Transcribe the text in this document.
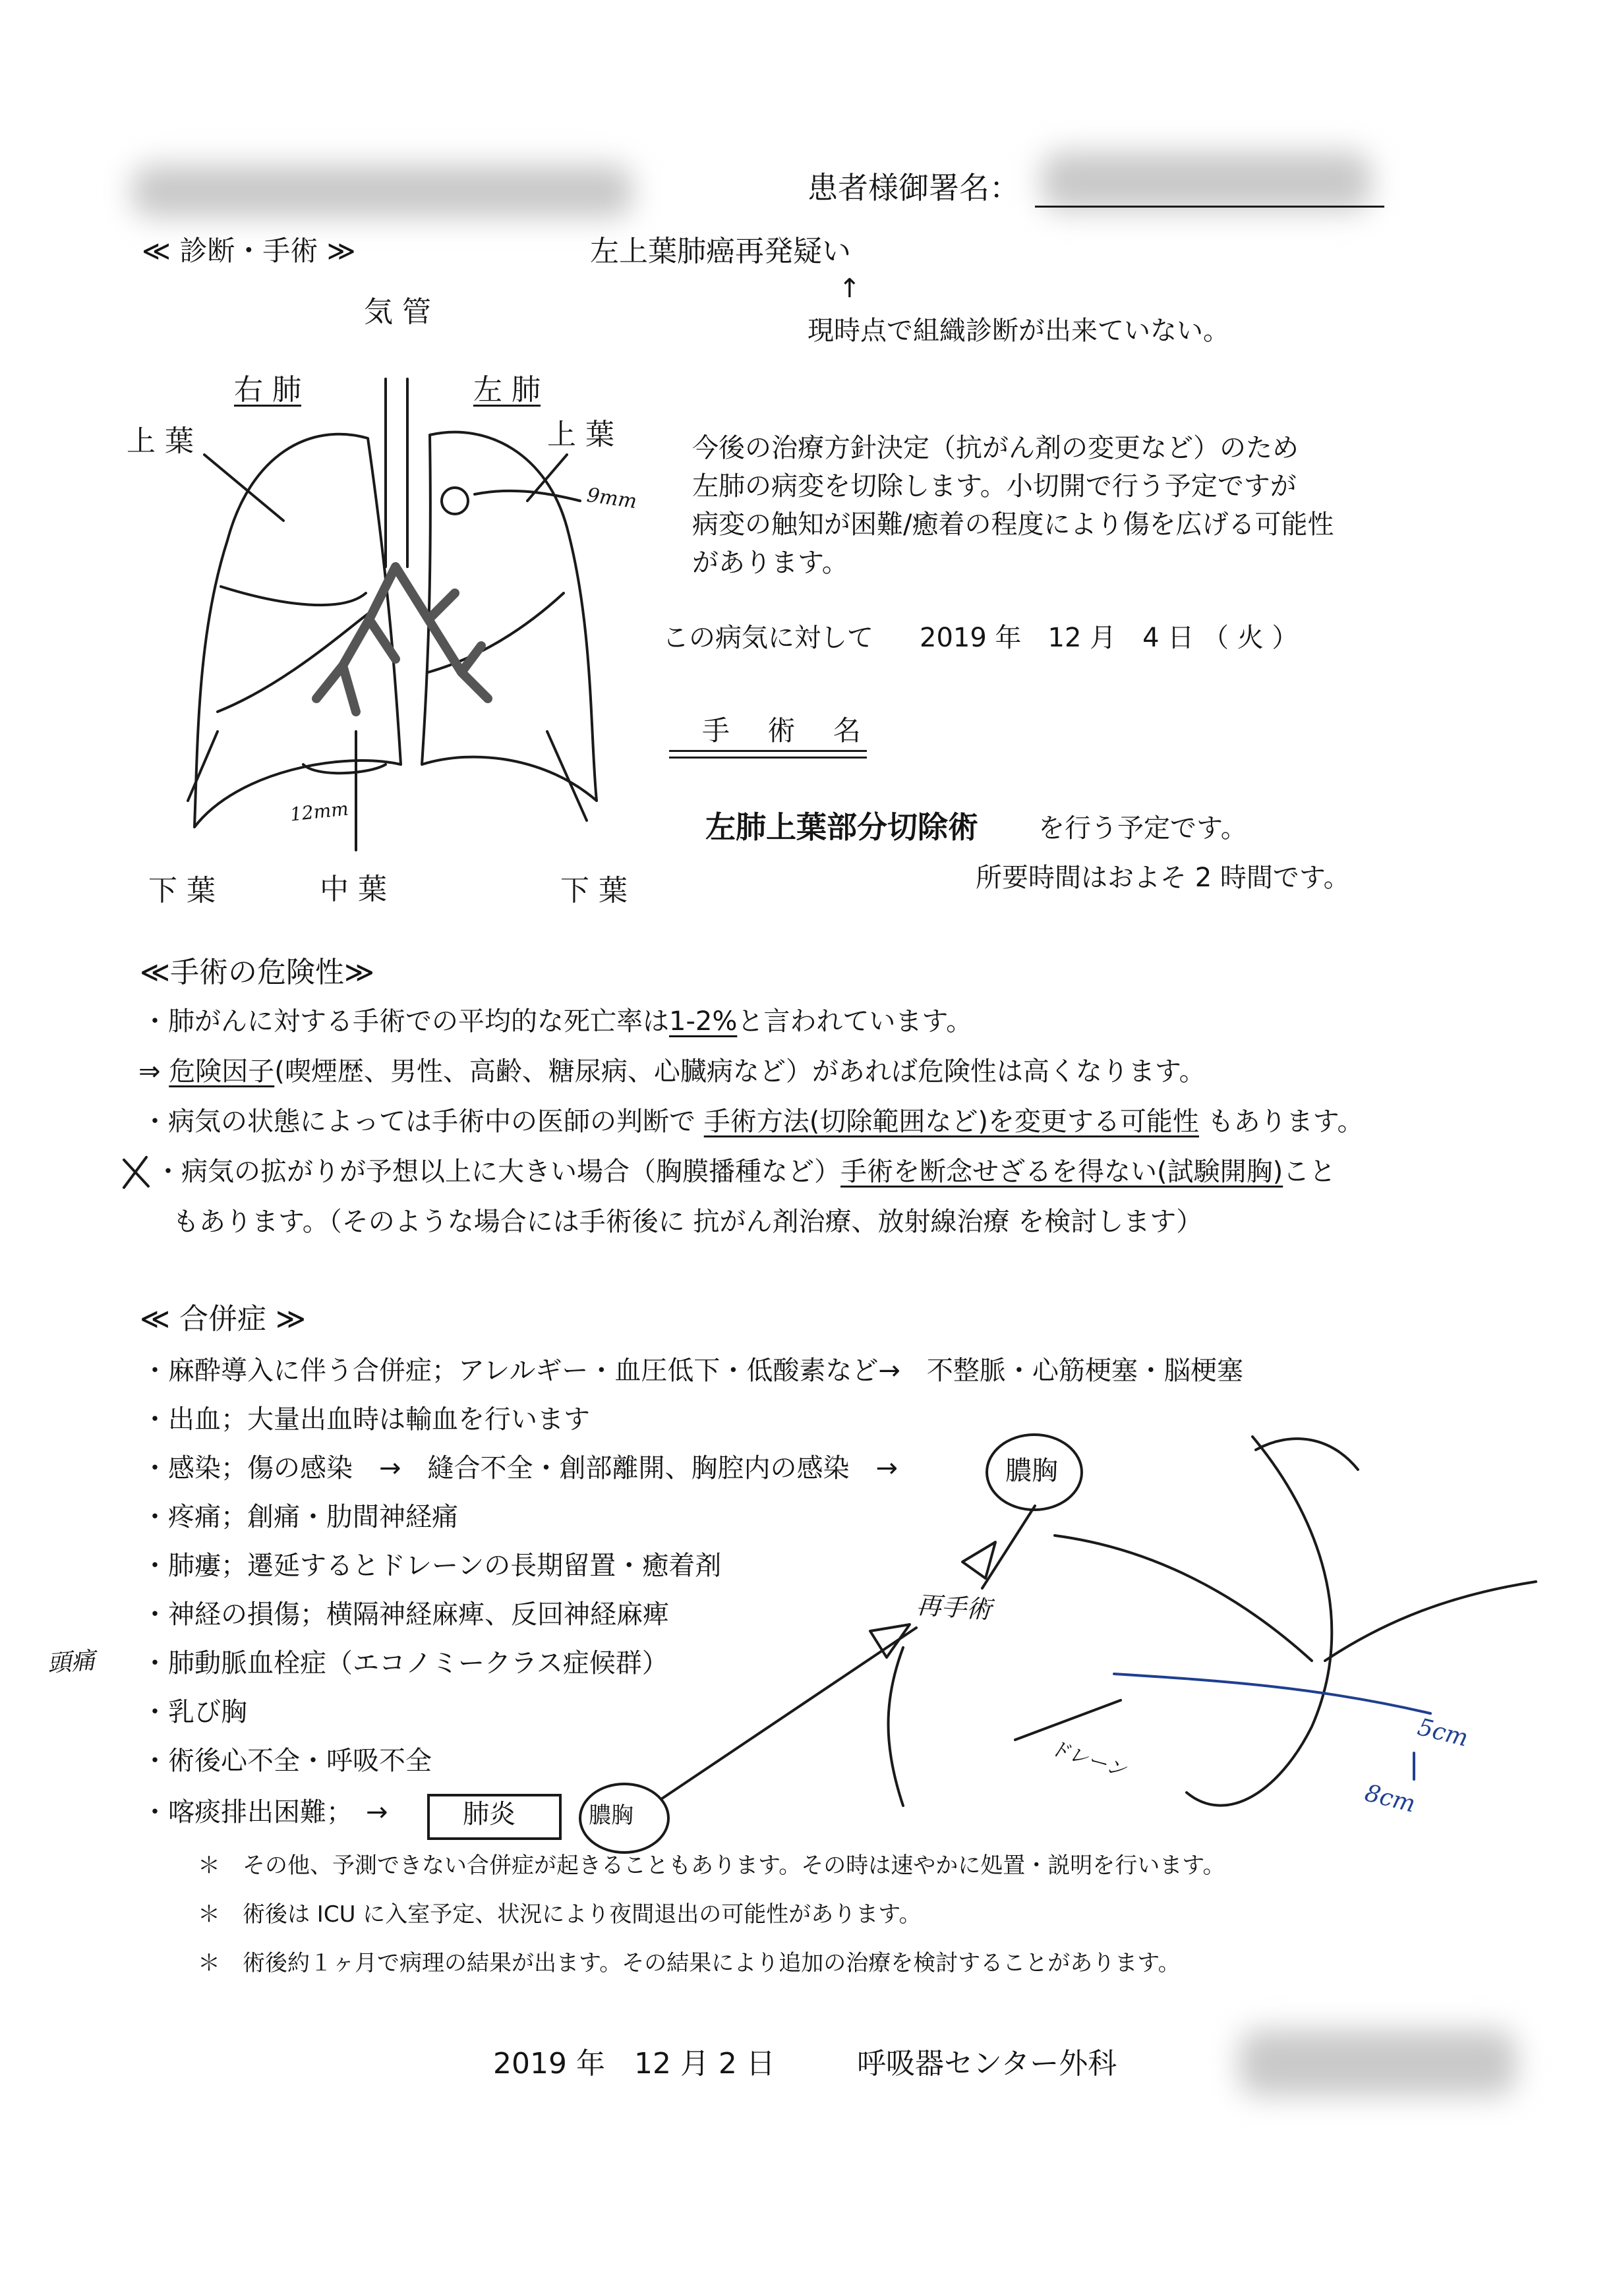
患者様御署名：
≪ 診断・手術 ≫	左上葉肺癌再発疑い
↑
現時点で組織診断が出来ていない。
気 管
右 肺	左 肺
上 葉	上 葉
下 葉	中 葉	下 葉
9mm
12mm
今後の治療方針決定（抗がん剤の変更など）のため
左肺の病変を切除します。小切開で行う予定ですが
病変の触知が困難/癒着の程度により傷を広げる可能性
があります。
この病気に対して 2019 年　12 月　4 日 （ 火 ）
手 術 名
左肺上葉部分切除術 を行う予定です。
所要時間はおよそ 2 時間です。
≪手術の危険性≫
・肺がんに対する手術での平均的な死亡率は1-2%と言われています。
⇒ 危険因子(喫煙歴、男性、高齢、糖尿病、心臓病など）があれば危険性は高くなります。
・病気の状態によっては手術中の医師の判断で 手術方法(切除範囲など)を変更する可能性 もあります。
・病気の拡がりが予想以上に大きい場合（胸膜播種など）手術を断念せざるを得ない(試験開胸)こと
もあります。（そのような場合には手術後に 抗がん剤治療、放射線治療 を検討します）
≪ 合併症 ≫
・麻酔導入に伴う合併症；アレルギー・血圧低下・低酸素など→　不整脈・心筋梗塞・脳梗塞
・出血；大量出血時は輸血を行います
・感染；傷の感染　→　縫合不全・創部離開、胸腔内の感染　→
・疼痛；創痛・肋間神経痛
・肺瘻；遷延するとドレーンの長期留置・癒着剤
・神経の損傷；横隔神経麻痺、反回神経麻痺
・肺動脈血栓症（エコノミークラス症候群）
・乳び胸
・術後心不全・呼吸不全
・喀痰排出困難；　→
膿胸
肺炎	膿胸
頭痛
再手術
ドレーン
5cm
8cm
＊　その他、予測できない合併症が起きることもあります。その時は速やかに処置・説明を行います。
＊　術後は ICU に入室予定、状況により夜間退出の可能性があります。
＊　術後約１ヶ月で病理の結果が出ます。その結果により追加の治療を検討することがあります。
2019 年　12 月 2 日	呼吸器センター外科
